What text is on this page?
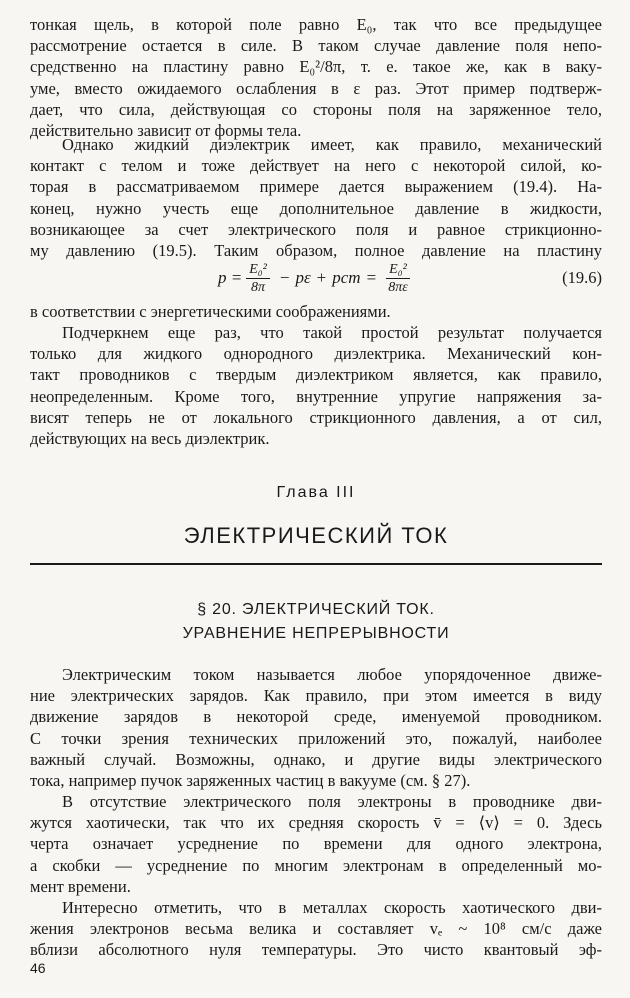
тонкая щель, в которой поле равно E₀, так что все предыдущее
рассмотрение остается в силе. В таком случае давление поля непо-
средственно на пластину равно E₀²/8π, т. е. такое же, как в ваку-
уме, вместо ожидаемого ослабления в ε раз. Этот пример подтверж-
дает, что сила, действующая со стороны поля на заряженное тело,
действительно зависит от формы тела.
Однако жидкий диэлектрик имеет, как правило, механический
контакт с телом и тоже действует на него с некоторой силой, ко-
торая в рассматриваемом примере дается выражением (19.4). На-
конец, нужно учесть еще дополнительное давление в жидкости,
возникающее за счет электрического поля и равное стрикционно-
му давлению (19.5). Таким образом, полное давление на пластину
$p = \frac{\text{E₀²}}{8\pi} - p\varepsilon$ + pст = $\frac{\text{E₀²}}{8\pi\varepsilon}$	(19.6)
в соответствии с энергетическими соображениями.
Подчеркнем еще раз, что такой простой результат получается
только для жидкого однородного диэлектрика. Механический кон-
такт проводников с твердым диэлектриком является, как правило,
неопределенным. Кроме того, внутренние упругие напряжения за-
висят теперь не от локального стрикционного давления, а от сил,
действующих на весь диэлектрик.
Глава III
ЭЛЕКТРИЧЕСКИЙ ТОК
§ 20. ЭЛЕКТРИЧЕСКИЙ ТОК.
УРАВНЕНИЕ НЕПРЕРЫВНОСТИ
Электрическим током называется любое упорядоченное движе-
ние электрических зарядов. Как правило, при этом имеется в виду
движение зарядов в некоторой среде, именуемой проводником.
С точки зрения технических приложений это, пожалуй, наиболее
важный случай. Возможны, однако, и другие виды электрического
тока, например пучок заряженных частиц в вакууме (см. § 27).
В отсутствие электрического поля электроны в проводнике дви-
жутся хаотически, так что их средняя скорость v̄ = ⟨v⟩ = 0. Здесь
черта означает усреднение по времени для одного электрона,
а скобки — усреднение по многим электронам в определенный мо-
мент времени.
Интересно отметить, что в металлах скорость хаотического дви-
жения электронов весьма велика и составляет vₑ ~ 10⁸ см/с даже
вблизи абсолютного нуля температуры. Это чисто квантовый эф-
46
